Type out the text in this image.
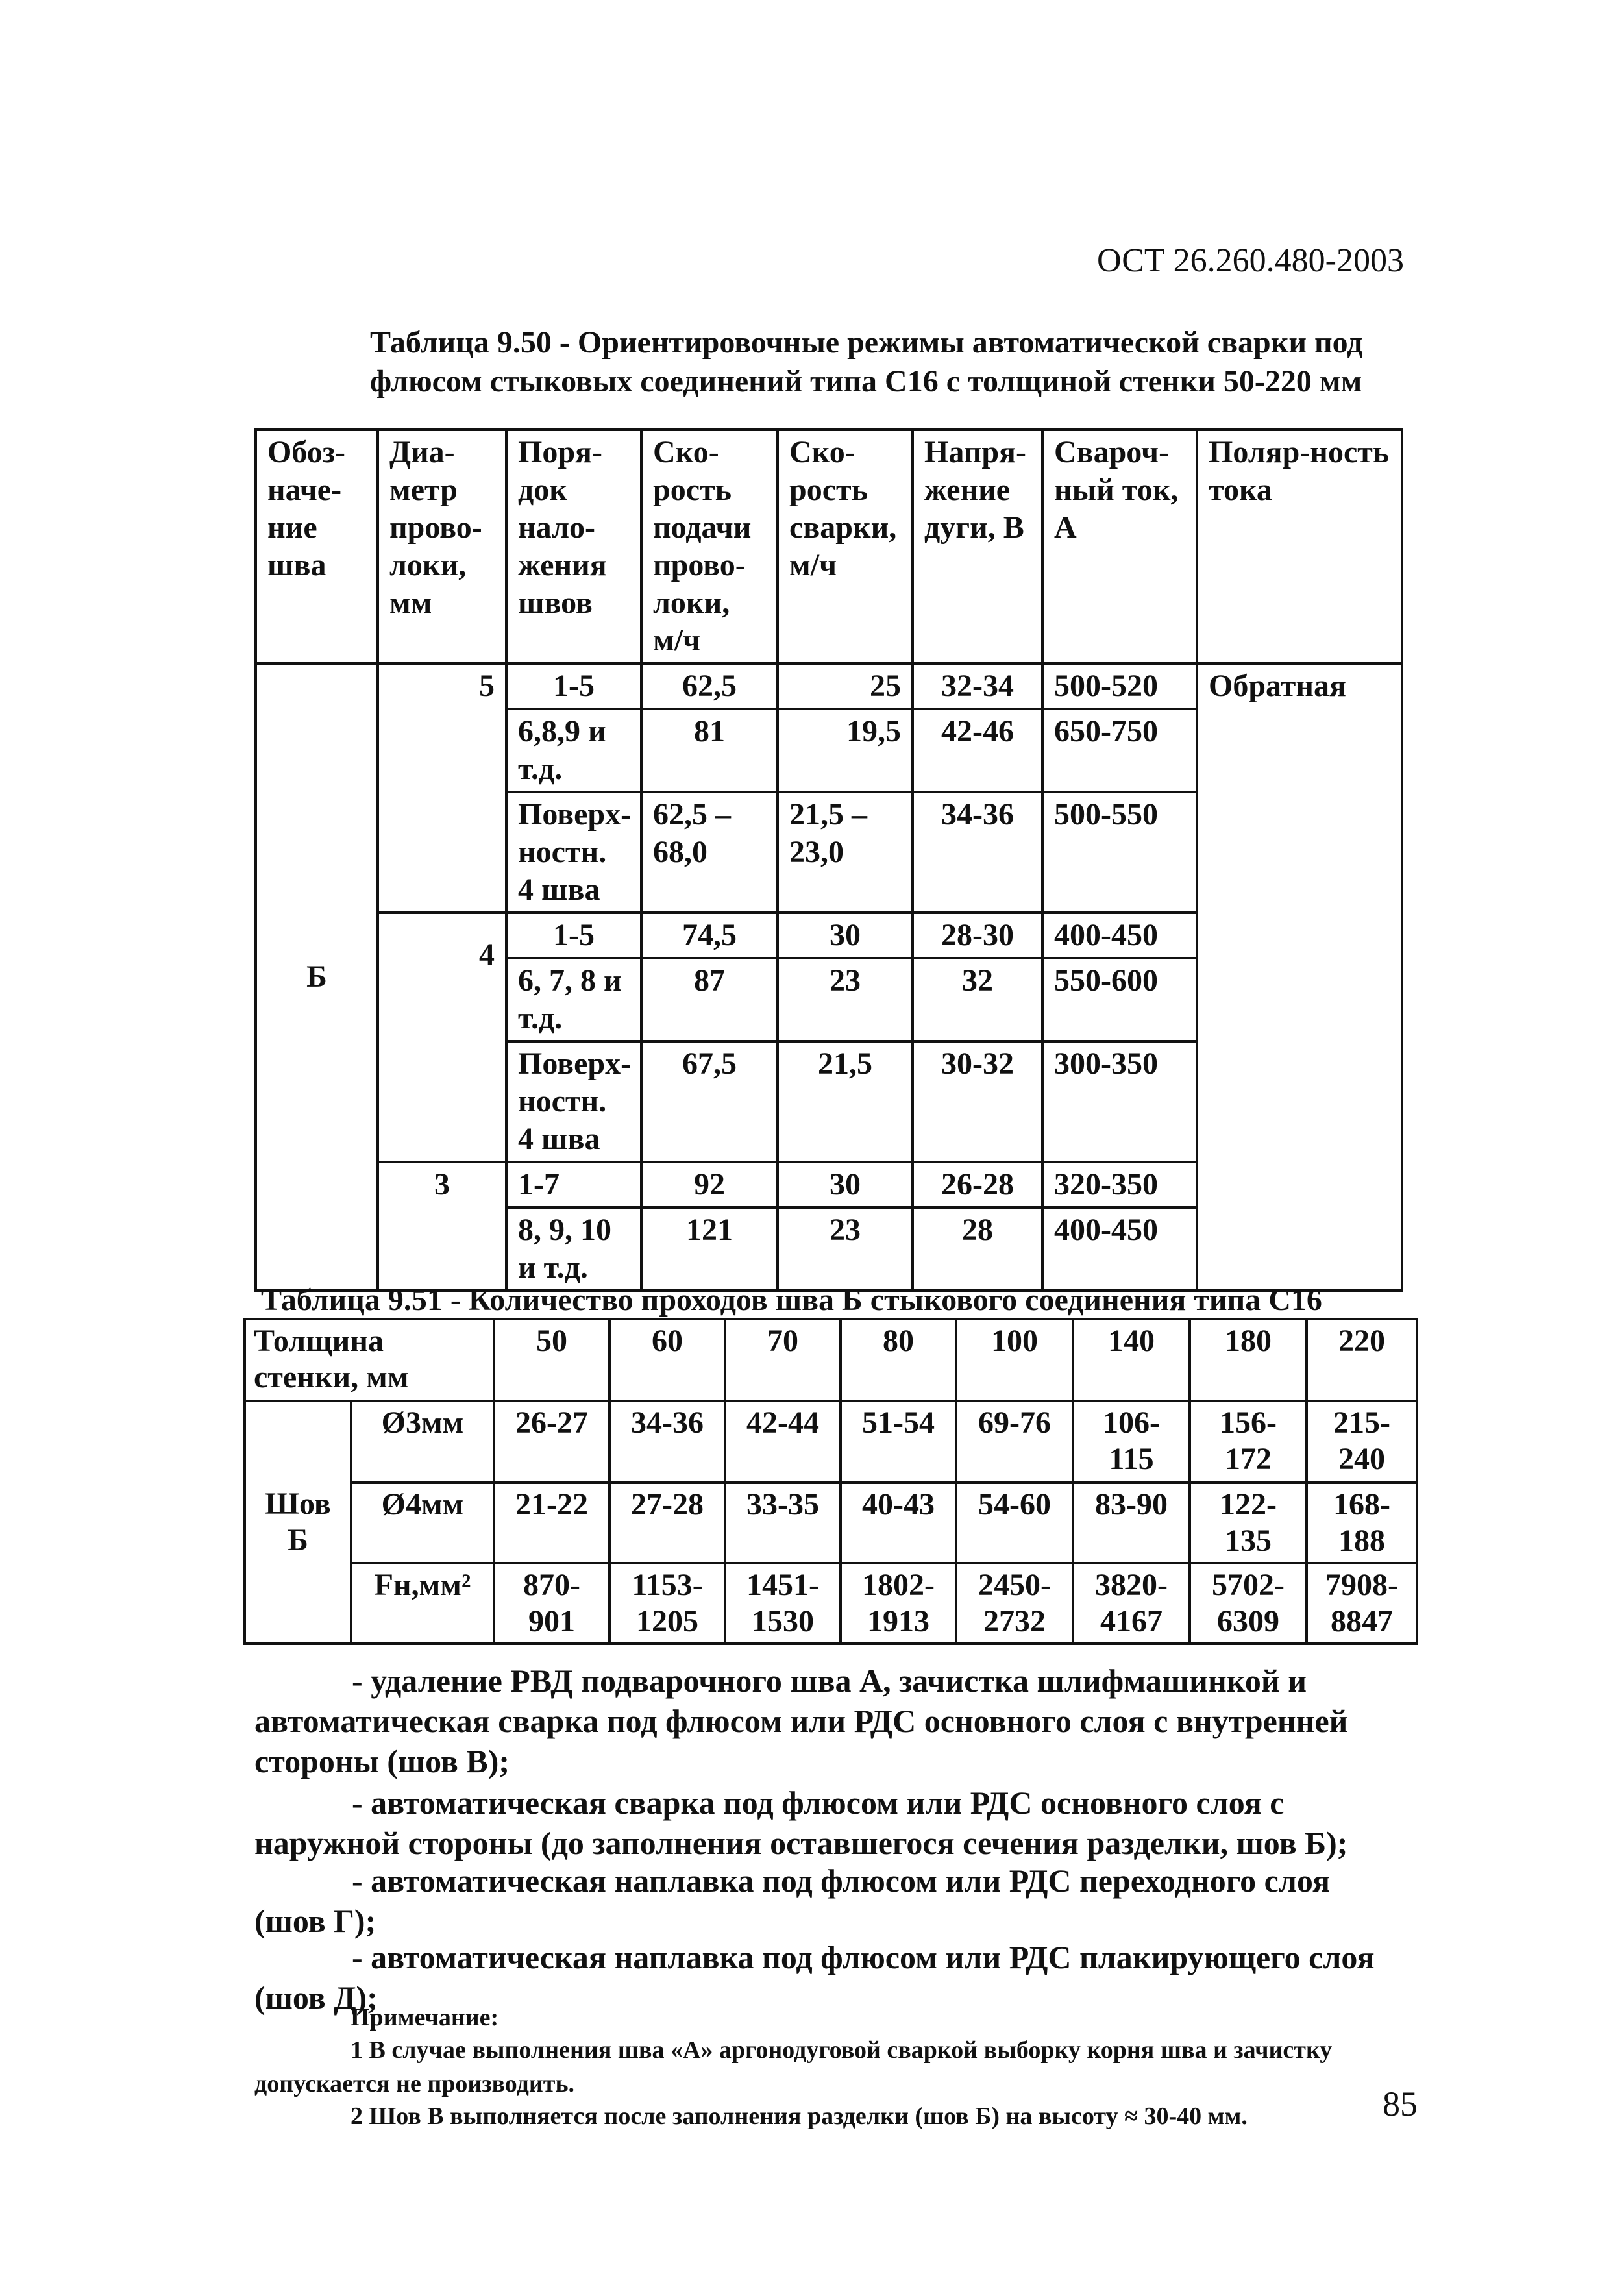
ОСТ 26.260.480-2003
Таблица 9.50 - Ориентировочные режимы автоматической сварки под
флюсом стыковых соединений типа С16 с толщиной стенки 50-220 мм
Обоз-наче-ние шва	Диа-метр прово-локи, мм	Поря-док нало-жения швов	Ско-рость подачи прово-локи, м/ч	Ско-рость сварки, м/ч	Напря-жение дуги, В	Свароч-ный ток, А	Поляр-ность тока
Б	5	1-5	62,5	25	32-34	500-520	Обратная
		6,8,9 и т.д.	81	19,5	42-46	650-750	
		Поверх-ностн. 4 шва	62,5 – 68,0	21,5 – 23,0	34-36	500-550	
	4	1-5	74,5	30	28-30	400-450	
		6, 7, 8 и т.д.	87	23	32	550-600	
		Поверх-ностн. 4 шва	67,5	21,5	30-32	300-350	
	3	1-7	92	30	26-28	320-350	
		8, 9, 10 и т.д.	121	23	28	400-450	
Таблица 9.51 - Количество проходов шва Б стыкового соединения типа С16
Толщина стенки, мм		50	60	70	80	100	140	180	220
Шов Б	Ø3мм	26-27	34-36	42-44	51-54	69-76	106-115	156-172	215-240
	Ø4мм	21-22	27-28	33-35	40-43	54-60	83-90	122-135	168-188
	Fн,мм²	870-901	1153-1205	1451-1530	1802-1913	2450-2732	3820-4167	5702-6309	7908-8847
- удаление РВД подварочного шва А, зачистка шлифмашинкой и автоматическая сварка под флюсом или РДС основного слоя с внутренней стороны (шов В);
- автоматическая сварка под флюсом или РДС основного слоя с наружной стороны (до заполнения оставшегося сечения разделки, шов Б);
- автоматическая наплавка под флюсом или РДС переходного слоя (шов Г);
- автоматическая наплавка под флюсом или РДС плакирующего слоя (шов Д);
Примечание:
1 В случае выполнения шва «А» аргонодуговой сваркой выборку корня шва и зачистку допускается не производить.
2 Шов В выполняется после заполнения разделки (шов Б) на высоту ≈ 30-40 мм.	85
